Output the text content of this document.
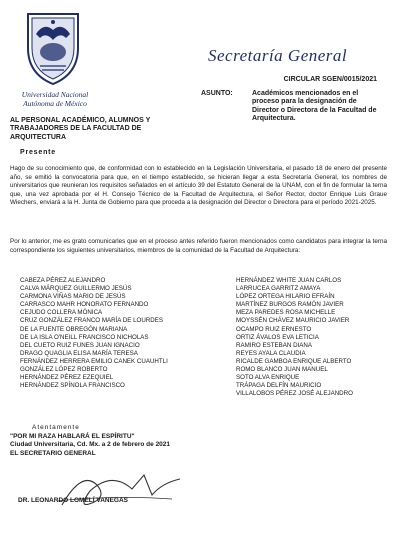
Universidad Nacional Autónoma de México
Secretaría General
CIRCULAR SGEN/0015/2021
ASUNTO:	Académicos mencionados en el proceso para la designación de Director o Directora de la Facultad de Arquitectura.
AL PERSONAL ACADÉMICO, ALUMNOS Y TRABAJADORES DE LA FACULTAD DE ARQUITECTURA
Presente
Hago de su conocimiento que, de conformidad con lo establecido en la Legislación Universitaria, el pasado 18 de enero del presente año, se emitió la convocatoria para que, en el tiempo establecido, se hicieran llegar a esta Secretaría General, los nombres de universitarios que reunieran los requisitos señalados en el artículo 39 del Estatuto General de la UNAM, con el fin de formular la terna que, una vez aprobada por el H. Consejo Técnico de la Facultad de Arquitectura, el Señor Rector, doctor Enrique Luis Graue Wiechers, enviará a la H. Junta de Gobierno para que proceda a la designación del Director o Directora para el período 2021-2025.
Por lo anterior, me es grato comunicarles que en el proceso antes referido fueron mencionados como candidatos para integrar la terna correspondiente los siguientes universitarios, miembros de la comunidad de la Facultad de Arquitectura:
CABEZA PÉREZ ALEJANDRO
CALVA MÁRQUEZ GUILLERMO JESÚS
CARMONA VIÑAS MARIO DE JESÚS
CARRASCO MAHR HONORATO FERNANDO
CEJUDO COLLERA MÓNICA
CRUZ GONZÁLEZ FRANCO MARÍA DE LOURDES
DE LA FUENTE OBREGÓN MARIANA
DE LA ISLA O'NEILL FRANCISCO NICHOLAS
DEL CUETO RUIZ FUNES JUAN IGNACIO
DRAGO QUAGLIA ELISA MARÍA TERESA
FERNÁNDEZ HERRERA EMILIO CANEK CUAUHTLI
GONZÁLEZ LÓPEZ ROBERTO
HERNÁNDEZ PÉREZ EZEQUIEL
HERNÁNDEZ SPÍNOLA FRANCISCO
HERNÁNDEZ WHITE JUAN CARLOS
LARRUCEA GARRITZ AMAYA
LÓPEZ ORTEGA HILARIO EFRAÍN
MARTÍNEZ BURGOS RAMÓN JAVIER
MEZA PAREDES ROSA MICHELLE
MOYSSÉN CHÁVEZ MAURICIO JAVIER
OCAMPO RUIZ ERNESTO
ORTIZ ÁVALOS EVA LETICIA
RAMIRO ESTEBAN DIANA
REYES AYALA CLAUDIA
RICALDE GAMBOA ENRIQUE ALBERTO
ROMO BLANCO JUAN MANUEL
SOTO ALVA ENRIQUE
TRÁPAGA DELFÍN MAURICIO
VILLALOBOS PÉREZ JOSÉ ALEJANDRO
Atentamente
"POR MI RAZA HABLARÁ EL ESPÍRITU"
Ciudad Universitaria, Cd. Mx. a 2 de febrero de 2021
EL SECRETARIO GENERAL
DR. LEONARDO LOMELÍ VANEGAS
